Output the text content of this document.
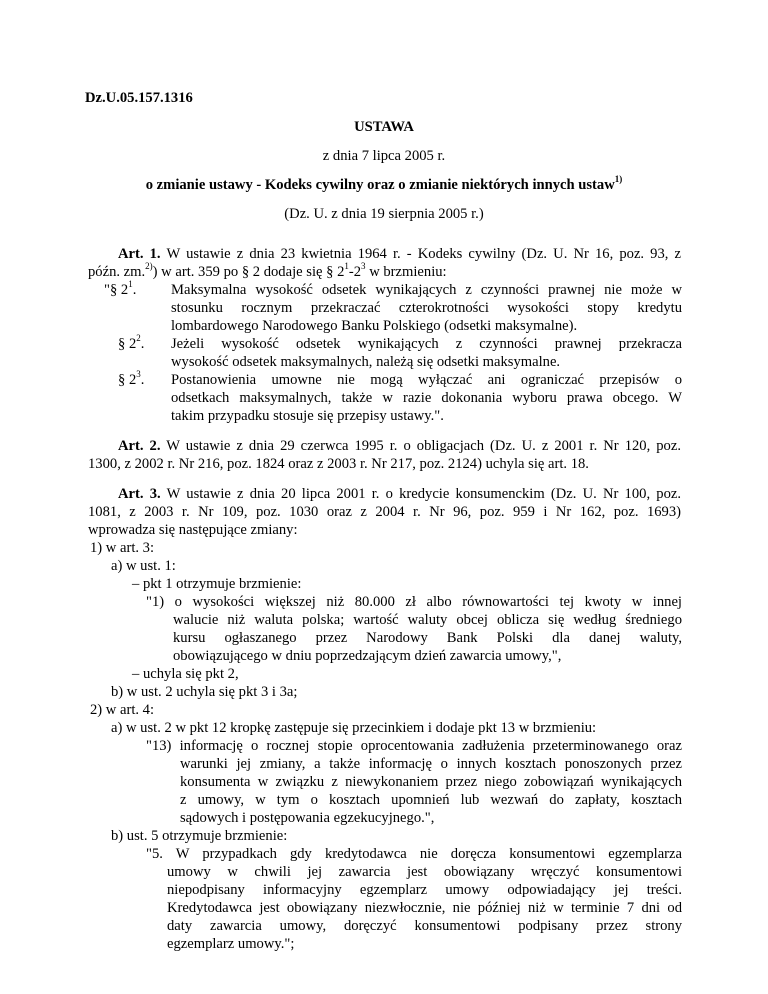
Dz.U.05.157.1316
USTAWA
z dnia 7 lipca 2005 r.
o zmianie ustawy - Kodeks cywilny oraz o zmianie niektórych innych ustaw$^{1)}$
(Dz. U. z dnia 19 sierpnia 2005 r.)
Art. 1. W ustawie z dnia 23 kwietnia 1964 r. - Kodeks cywilny (Dz. U. Nr 16, poz. 93, z
późn. zm.$^{2)}$) w art. 359 po § 2 dodaje się § $2^1-2^3$ w brzmieniu:
"§ $2^1$. Maksymalna wysokość odsetek wynikających z czynności prawnej nie może w
stosunku rocznym przekraczać czterokrotności wysokości stopy kredytu
lombardowego Narodowego Banku Polskiego (odsetki maksymalne).
§ $2^2$. Jeżeli wysokość odsetek wynikających z czynności prawnej przekracza
wysokość odsetek maksymalnych, należą się odsetki maksymalne.
§ $2^3$. Postanowienia umowne nie mogą wyłączać ani ograniczać przepisów o
odsetkach maksymalnych, także w razie dokonania wyboru prawa obcego. W
takim przypadku stosuje się przepisy ustawy.".
Art. 2. W ustawie z dnia 29 czerwca 1995 r. o obligacjach (Dz. U. z 2001 r. Nr 120, poz.
1300, z 2002 r. Nr 216, poz. 1824 oraz z 2003 r. Nr 217, poz. 2124) uchyla się art. 18.
Art. 3. W ustawie z dnia 20 lipca 2001 r. o kredycie konsumenckim (Dz. U. Nr 100, poz.
1081, z 2003 r. Nr 109, poz. 1030 oraz z 2004 r. Nr 96, poz. 959 i Nr 162, poz. 1693)
wprowadza się następujące zmiany:
1) w art. 3:
a) w ust. 1:
– pkt 1 otrzymuje brzmienie:
"1) o wysokości większej niż 80.000 zł albo równowartości tej kwoty w innej
walucie niż waluta polska; wartość waluty obcej oblicza się według średniego
kursu ogłaszanego przez Narodowy Bank Polski dla danej waluty,
obowiązującego w dniu poprzedzającym dzień zawarcia umowy,",
– uchyla się pkt 2,
b) w ust. 2 uchyla się pkt 3 i 3a;
2) w art. 4:
a) w ust. 2 w pkt 12 kropkę zastępuje się przecinkiem i dodaje pkt 13 w brzmieniu:
"13) informację o rocznej stopie oprocentowania zadłużenia przeterminowanego oraz
warunki jej zmiany, a także informację o innych kosztach ponoszonych przez
konsumenta w związku z niewykonaniem przez niego zobowiązań wynikających
z umowy, w tym o kosztach upomnień lub wezwań do zapłaty, kosztach
sądowych i postępowania egzekucyjnego.",
b) ust. 5 otrzymuje brzmienie:
"5. W przypadkach gdy kredytodawca nie doręcza konsumentowi egzemplarza
umowy w chwili jej zawarcia jest obowiązany wręczyć konsumentowi
niepodpisany informacyjny egzemplarz umowy odpowiadający jej treści.
Kredytodawca jest obowiązany niezwłocznie, nie później niż w terminie 7 dni od
daty zawarcia umowy, doręczyć konsumentowi podpisany przez strony
egzemplarz umowy.";
